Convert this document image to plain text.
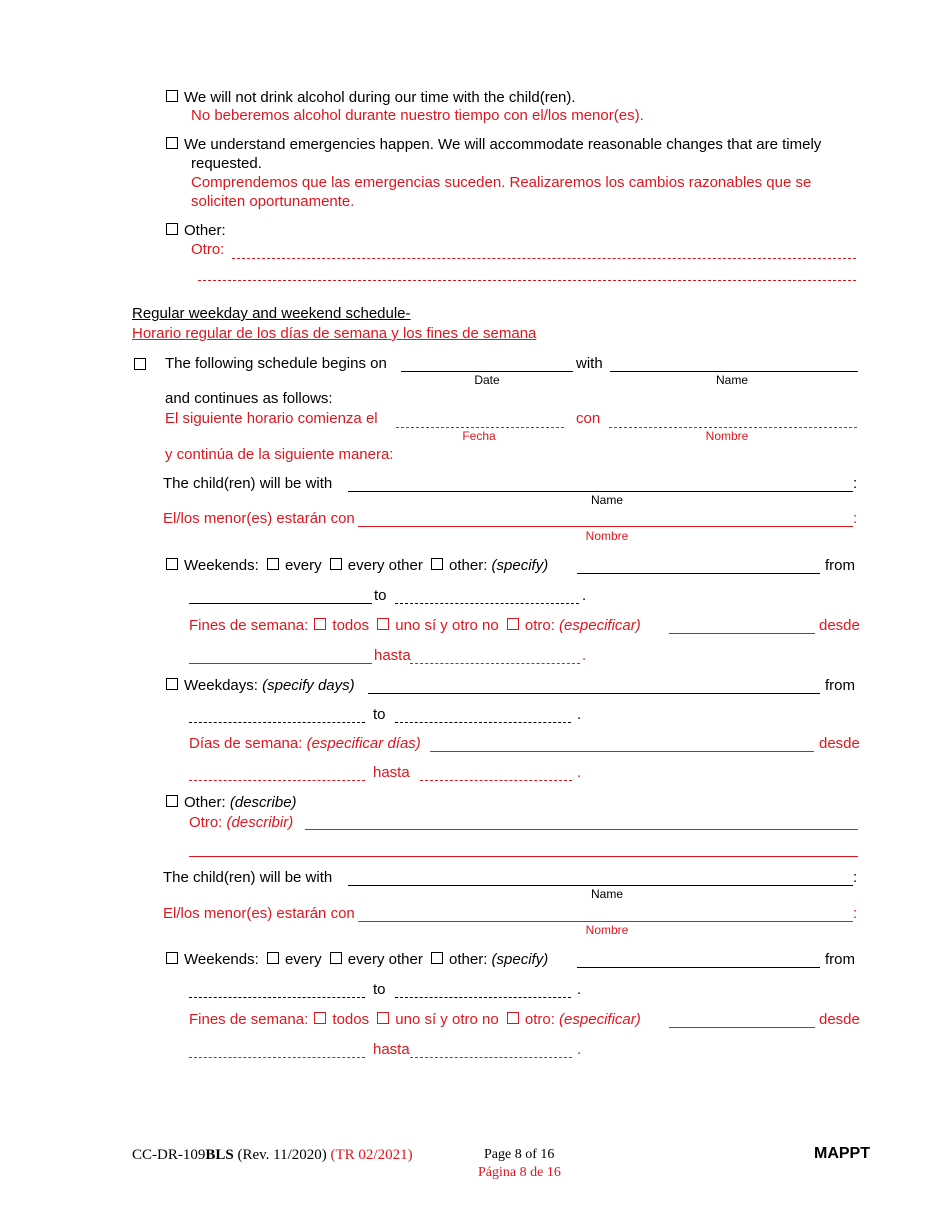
We will not drink alcohol during our time with the child(ren).
No beberemos alcohol durante nuestro tiempo con el/los menor(es).
We understand emergencies happen. We will accommodate reasonable changes that are timely
requested.
Comprendemos que las emergencias suceden. Realizaremos los cambios razonables que se
soliciten oportunamente.
Other:
Otro:
Regular weekday and weekend schedule-
Horario regular de los días de semana y los fines de semana
The following schedule begins on	with
Date	Name
and continues as follows:
El siguiente horario comienza el	con
Fecha	Nombre
y continúa de la siguiente manera:
The child(ren) will be with	:
Name
El/los menor(es) estarán con	:
Nombre
Weekends: every every other other: (specify)	from
to	.
Fines de semana: todos uno sí y otro no otro: (especificar)	desde
hasta	.
Weekdays: (specify days)	from
to	.
Días de semana: (especificar días)	desde
hasta	.
Other: (describe)
Otro: (describir)
The child(ren) will be with	:
Name
El/los menor(es) estarán con	:
Nombre
Weekends: every every other other: (specify)	from
to	.
Fines de semana: todos uno sí y otro no otro: (especificar)	desde
hasta	.
CC-DR-109BLS (Rev. 11/2020) (TR 02/2021)	Page 8 of 16
Página 8 de 16
MAPPT
